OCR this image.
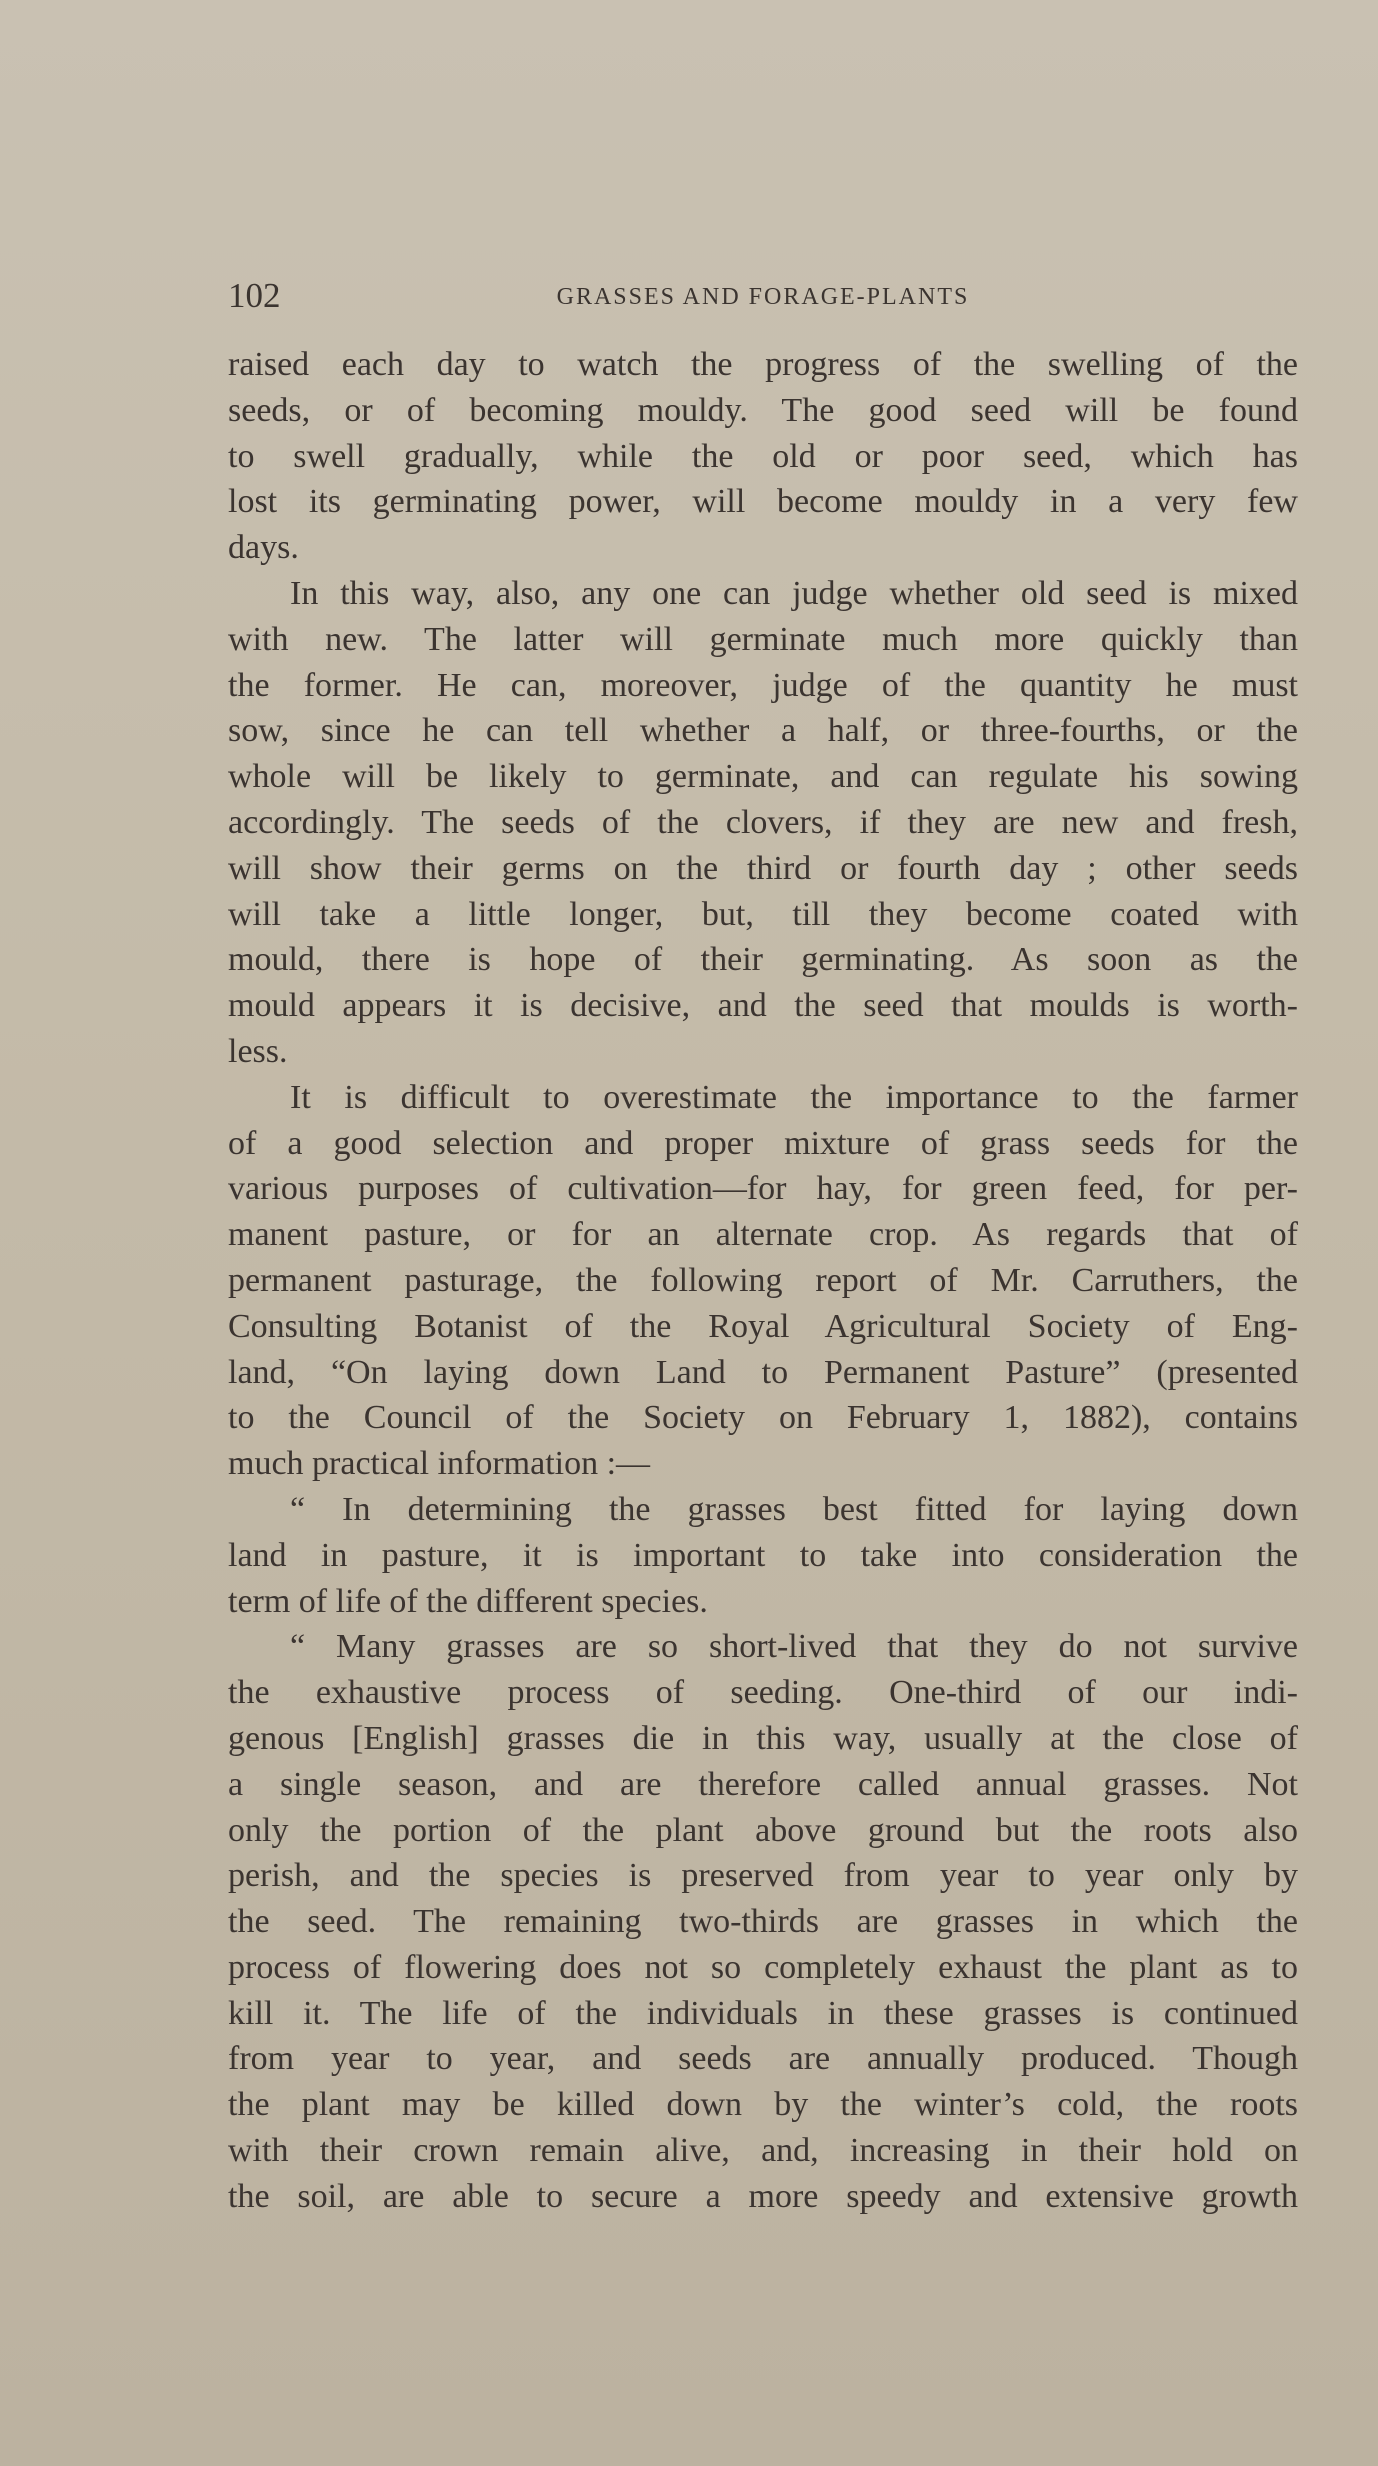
102	GRASSES AND FORAGE-PLANTS
raised each day to watch the progress of the swelling of the
seeds, or of becoming mouldy. The good seed will be found
to swell gradually, while the old or poor seed, which has
lost its germinating power, will become mouldy in a very few
days.
In this way, also, any one can judge whether old seed is mixed
with new. The latter will germinate much more quickly than
the former. He can, moreover, judge of the quantity he must
sow, since he can tell whether a half, or three-fourths, or the
whole will be likely to germinate, and can regulate his sowing
accordingly. The seeds of the clovers, if they are new and fresh,
will show their germs on the third or fourth day ; other seeds
will take a little longer, but, till they become coated with
mould, there is hope of their germinating. As soon as the
mould appears it is decisive, and the seed that moulds is worth-
less.
It is difficult to overestimate the importance to the farmer
of a good selection and proper mixture of grass seeds for the
various purposes of cultivation—for hay, for green feed, for per-
manent pasture, or for an alternate crop. As regards that of
permanent pasturage, the following report of Mr. Carruthers, the
Consulting Botanist of the Royal Agricultural Society of Eng-
land, “On laying down Land to Permanent Pasture” (presented
to the Council of the Society on February 1, 1882), contains
much practical information :—
“ In determining the grasses best fitted for laying down
land in pasture, it is important to take into consideration the
term of life of the different species.
“ Many grasses are so short-lived that they do not survive
the exhaustive process of seeding. One-third of our indi-
genous [English] grasses die in this way, usually at the close of
a single season, and are therefore called annual grasses. Not
only the portion of the plant above ground but the roots also
perish, and the species is preserved from year to year only by
the seed. The remaining two-thirds are grasses in which the
process of flowering does not so completely exhaust the plant as to
kill it. The life of the individuals in these grasses is continued
from year to year, and seeds are annually produced. Though
the plant may be killed down by the winter’s cold, the roots
with their crown remain alive, and, increasing in their hold on
the soil, are able to secure a more speedy and extensive growth
